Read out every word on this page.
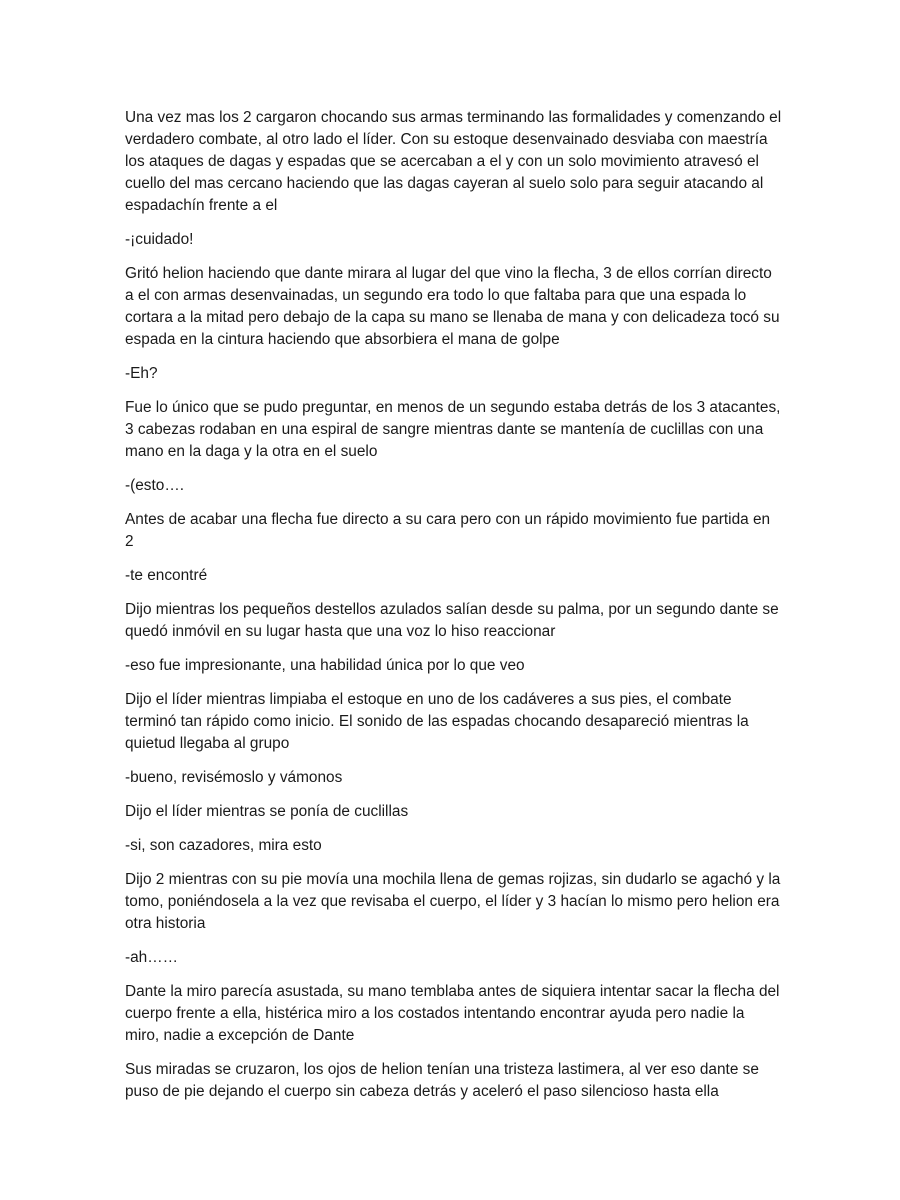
Una vez mas los 2 cargaron chocando sus armas terminando las formalidades y comenzando el verdadero combate, al otro lado el líder. Con su estoque desenvainado desviaba con maestría los ataques de dagas y espadas que se acercaban a el y con un solo movimiento atravesó el cuello del mas cercano haciendo que las dagas cayeran al suelo solo para seguir atacando al espadachín frente a el

-¡cuidado!

Gritó helion haciendo que dante mirara al lugar del que vino la flecha, 3 de ellos corrían directo a el con armas desenvainadas, un segundo era todo lo que faltaba para que una espada lo cortara a la mitad pero debajo de la capa su mano se llenaba de mana y con delicadeza tocó su espada en la cintura haciendo que absorbiera el mana de golpe

-Eh?

Fue lo único que se pudo preguntar, en menos de un segundo estaba detrás de los 3 atacantes, 3 cabezas rodaban en una espiral de sangre mientras dante se mantenía de cuclillas con una mano en la daga y la otra en el suelo

-(esto….

Antes de acabar una flecha fue directo a su cara pero con un rápido movimiento fue partida en 2

-te encontré

Dijo mientras los pequeños destellos azulados salían desde su palma, por un segundo dante se quedó inmóvil en su lugar hasta que una voz lo hiso reaccionar

-eso fue impresionante, una habilidad única por lo que veo

Dijo el líder mientras limpiaba el estoque en uno de los cadáveres a sus pies, el combate terminó tan rápido como inicio. El sonido de las espadas chocando desapareció mientras la quietud llegaba al grupo

-bueno, revisémoslo y vámonos

Dijo el líder mientras se ponía de cuclillas

-si, son cazadores, mira esto

Dijo 2 mientras con su pie movía una mochila llena de gemas rojizas, sin dudarlo se agachó y la tomo, poniéndosela a la vez que revisaba el cuerpo, el líder y 3 hacían lo mismo pero helion era otra historia

-ah……

Dante la miro parecía asustada, su mano temblaba antes de siquiera intentar sacar la flecha del cuerpo frente a ella, histérica miro a los costados intentando encontrar ayuda pero nadie la miro, nadie a excepción de Dante

Sus miradas se cruzaron, los ojos de helion tenían una tristeza lastimera, al ver eso dante se puso de pie dejando el cuerpo sin cabeza detrás y aceleró el paso silencioso hasta ella
